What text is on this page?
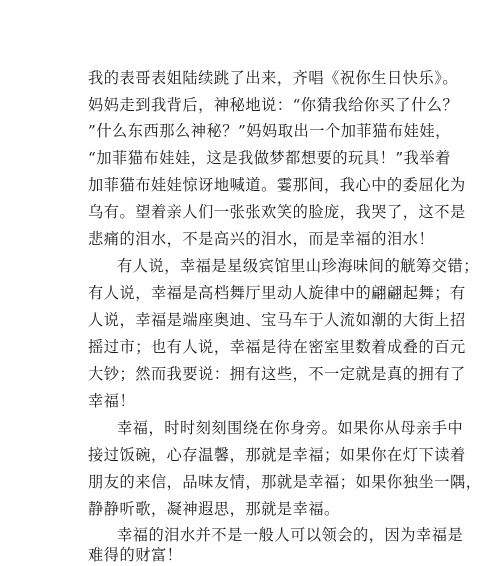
我的表哥表姐陆续跳了出来，齐唱《祝你生日快乐》。
妈妈走到我背后，神秘地说：“你猜我给你买了什么？
”什么东西那么神秘？”妈妈取出一个加菲猫布娃娃，
“加菲猫布娃娃，这是我做梦都想要的玩具！”我举着
加菲猫布娃娃惊讶地喊道。霎那间，我心中的委屈化为
乌有。望着亲人们一张张欢笑的脸庞，我哭了，这不是
悲痛的泪水，不是高兴的泪水，而是幸福的泪水！
有人说，幸福是星级宾馆里山珍海味间的觥筹交错；
有人说，幸福是高档舞厅里动人旋律中的翩翩起舞；有
人说，幸福是端座奥迪、宝马车于人流如潮的大街上招
摇过市；也有人说，幸福是待在密室里数着成叠的百元
大钞；然而我要说：拥有这些，不一定就是真的拥有了
幸福！
幸福，时时刻刻围绕在你身旁。如果你从母亲手中
接过饭碗，心存温馨，那就是幸福；如果你在灯下读着
朋友的来信，品味友情，那就是幸福；如果你独坐一隅，
静静听歌，凝神遐思，那就是幸福。
幸福的泪水并不是一般人可以领会的，因为幸福是
难得的财富！
